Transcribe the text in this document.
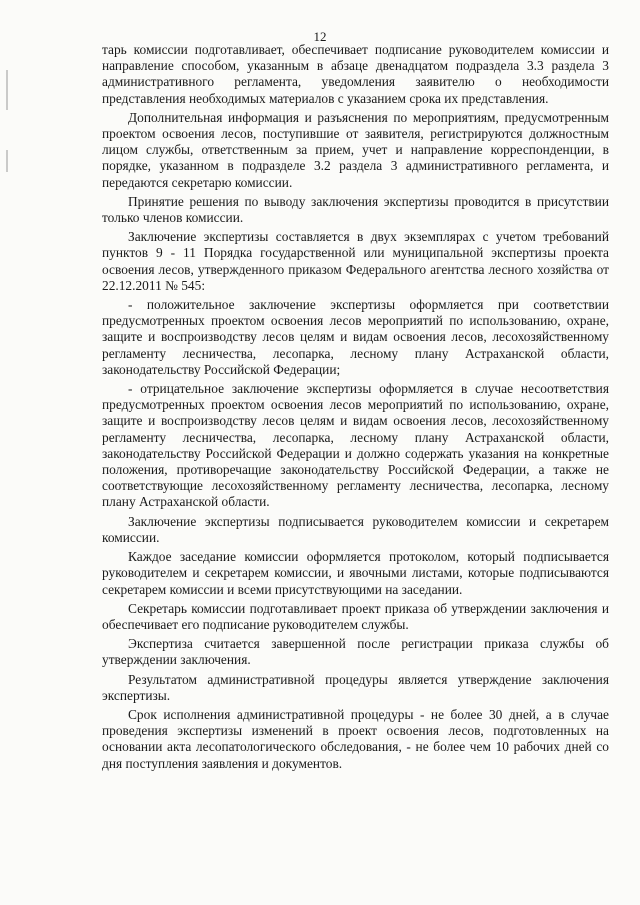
12

тарь комиссии подготавливает, обеспечивает подписание руководителем комиссии и направление способом, указанным в абзаце двенадцатом подраздела 3.3 раздела 3 административного регламента, уведомления заявителю о необходимости представления необходимых материалов с указанием срока их представления.

Дополнительная информация и разъяснения по мероприятиям, предусмотренным проектом освоения лесов, поступившие от заявителя, регистрируются должностным лицом службы, ответственным за прием, учет и направление корреспонденции, в порядке, указанном в подразделе 3.2 раздела 3 административного регламента, и передаются секретарю комиссии.

Принятие решения по выводу заключения экспертизы проводится в присутствии только членов комиссии.

Заключение экспертизы составляется в двух экземплярах с учетом требований пунктов 9 - 11 Порядка государственной или муниципальной экспертизы проекта освоения лесов, утвержденного приказом Федерального агентства лесного хозяйства от 22.12.2011 № 545:

- положительное заключение экспертизы оформляется при соответствии предусмотренных проектом освоения лесов мероприятий по использованию, охране, защите и воспроизводству лесов целям и видам освоения лесов, лесохозяйственному регламенту лесничества, лесопарка, лесному плану Астраханской области, законодательству Российской Федерации;

- отрицательное заключение экспертизы оформляется в случае несоответствия предусмотренных проектом освоения лесов мероприятий по использованию, охране, защите и воспроизводству лесов целям и видам освоения лесов, лесохозяйственному регламенту лесничества, лесопарка, лесному плану Астраханской области, законодательству Российской Федерации и должно содержать указания на конкретные положения, противоречащие законодательству Российской Федерации, а также не соответствующие лесохозяйственному регламенту лесничества, лесопарка, лесному плану Астраханской области.

Заключение экспертизы подписывается руководителем комиссии и секретарем комиссии.

Каждое заседание комиссии оформляется протоколом, который подписывается руководителем и секретарем комиссии, и явочными листами, которые подписываются секретарем комиссии и всеми присутствующими на заседании.

Секретарь комиссии подготавливает проект приказа об утверждении заключения и обеспечивает его подписание руководителем службы.

Экспертиза считается завершенной после регистрации приказа службы об утверждении заключения.

Результатом административной процедуры является утверждение заключения экспертизы.

Срок исполнения административной процедуры - не более 30 дней, а в случае проведения экспертизы изменений в проект освоения лесов, подготовленных на основании акта лесопатологического обследования, - не более чем 10 рабочих дней со дня поступления заявления и документов.
